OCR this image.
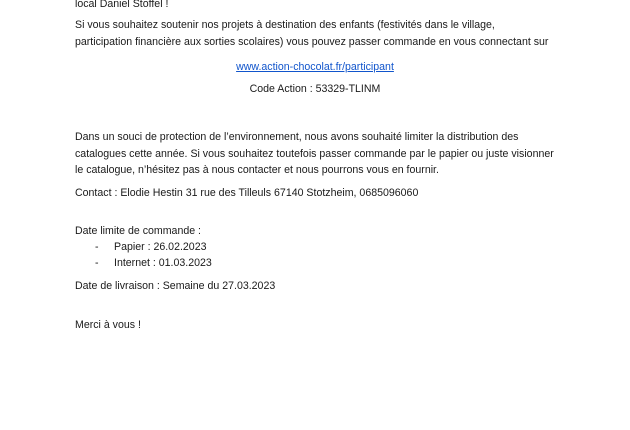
local Daniel Stoffel !
Si vous souhaitez soutenir nos projets à destination des enfants (festivités dans le village,
participation financière aux sorties scolaires) vous pouvez passer commande en vous connectant sur
www.action-chocolat.fr/participant
Code Action : 53329-TLINM
Dans un souci de protection de l’environnement, nous avons souhaité limiter la distribution des
catalogues cette année. Si vous souhaitez toutefois passer commande par le papier ou juste visionner
le catalogue, n’hésitez pas à nous contacter et nous pourrons vous en fournir.
Contact : Elodie Hestin 31 rue des Tilleuls 67140 Stotzheim, 0685096060
Date limite de commande :
- Papier : 26.02.2023
- Internet : 01.03.2023
Date de livraison : Semaine du 27.03.2023
Merci à vous !
